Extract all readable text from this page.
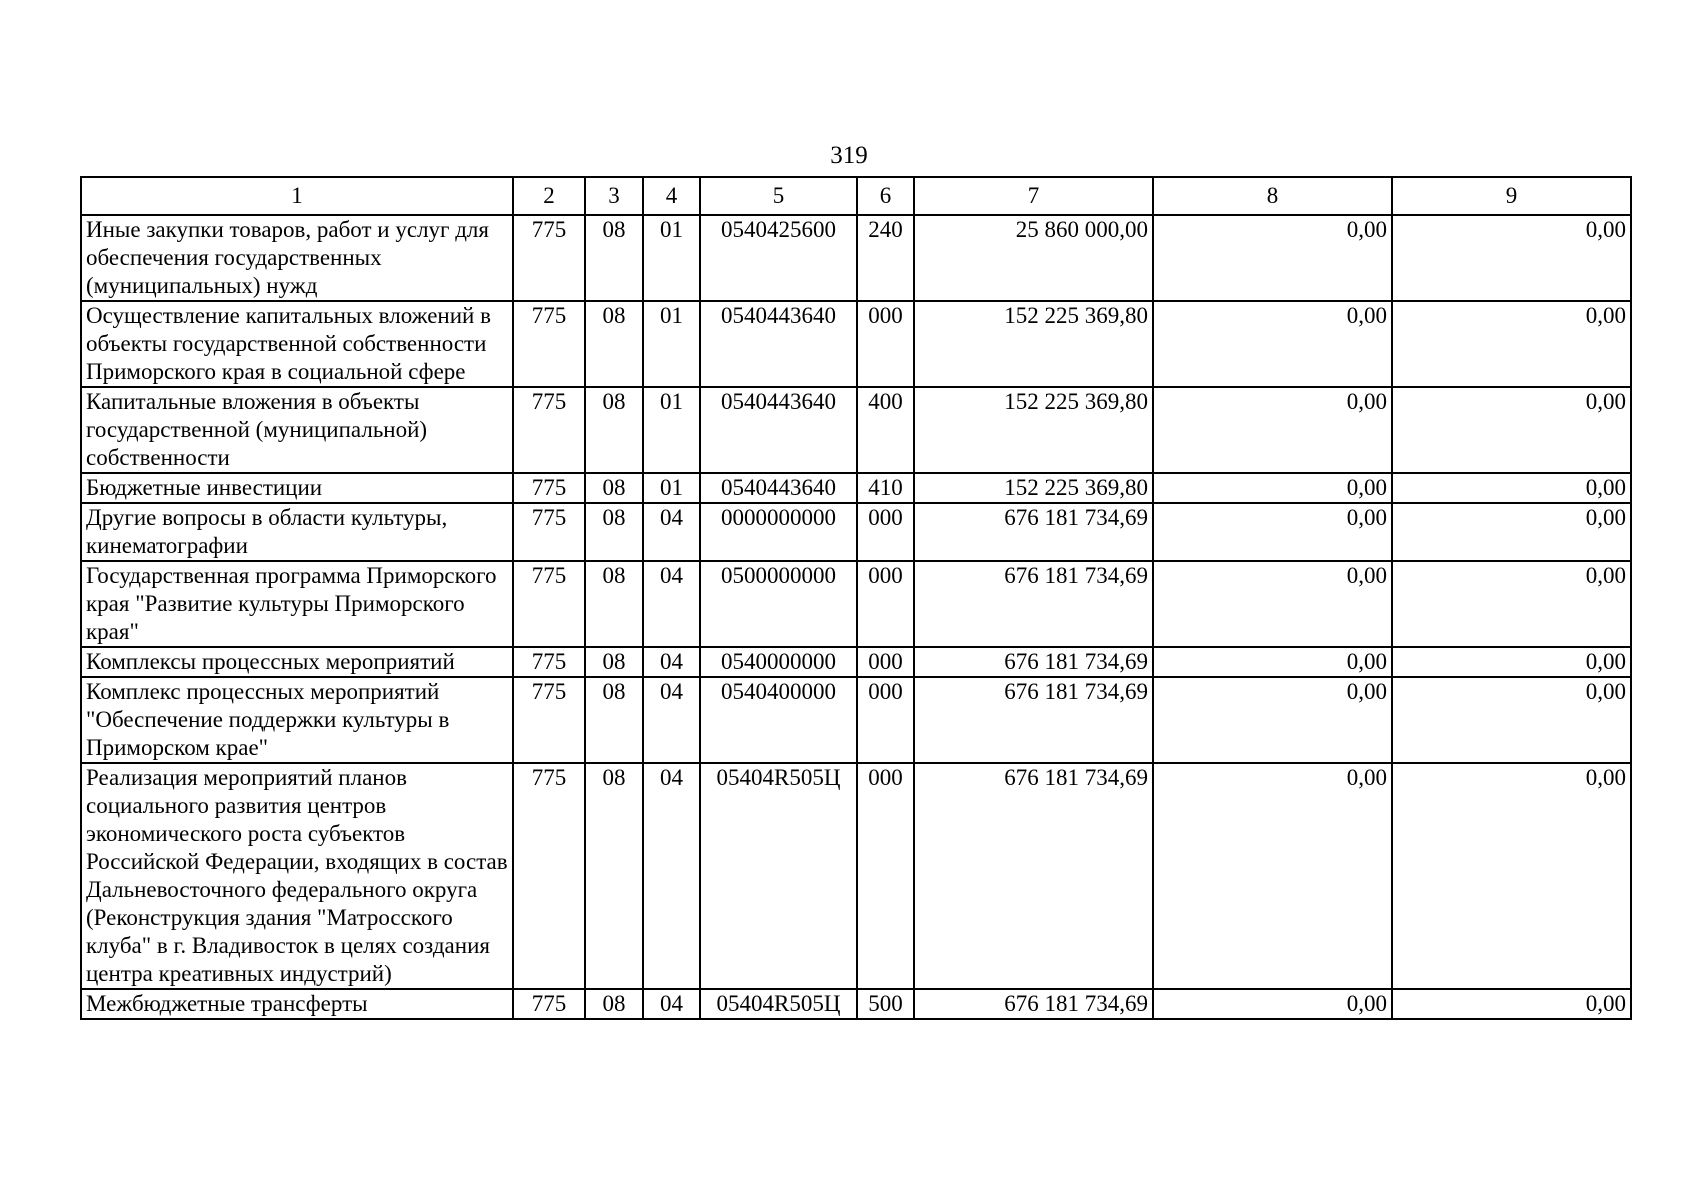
319
1	2	3	4	5	6	7	8	9
Иные закупки товаров, работ и услуг для обеспечения государственных (муниципальных) нужд	775	08	01	0540425600	240	25 860 000,00	0,00	0,00
Осуществление капитальных вложений в объекты государственной собственности Приморского края в социальной сфере	775	08	01	0540443640	000	152 225 369,80	0,00	0,00
Капитальные вложения в объекты государственной (муниципальной) собственности	775	08	01	0540443640	400	152 225 369,80	0,00	0,00
Бюджетные инвестиции	775	08	01	0540443640	410	152 225 369,80	0,00	0,00
Другие вопросы в области культуры, кинематографии	775	08	04	0000000000	000	676 181 734,69	0,00	0,00
Государственная программа Приморского края "Развитие культуры Приморского края"	775	08	04	0500000000	000	676 181 734,69	0,00	0,00
Комплексы процессных мероприятий	775	08	04	0540000000	000	676 181 734,69	0,00	0,00
Комплекс процессных мероприятий "Обеспечение поддержки культуры в Приморском крае"	775	08	04	0540400000	000	676 181 734,69	0,00	0,00
Реализация мероприятий планов социального развития центров экономического роста субъектов Российской Федерации, входящих в состав Дальневосточного федерального округа (Реконструкция здания "Матросского клуба" в г. Владивосток в целях создания центра креативных индустрий)	775	08	04	05404R505Ц	000	676 181 734,69	0,00	0,00
Межбюджетные трансферты	775	08	04	05404R505Ц	500	676 181 734,69	0,00	0,00
